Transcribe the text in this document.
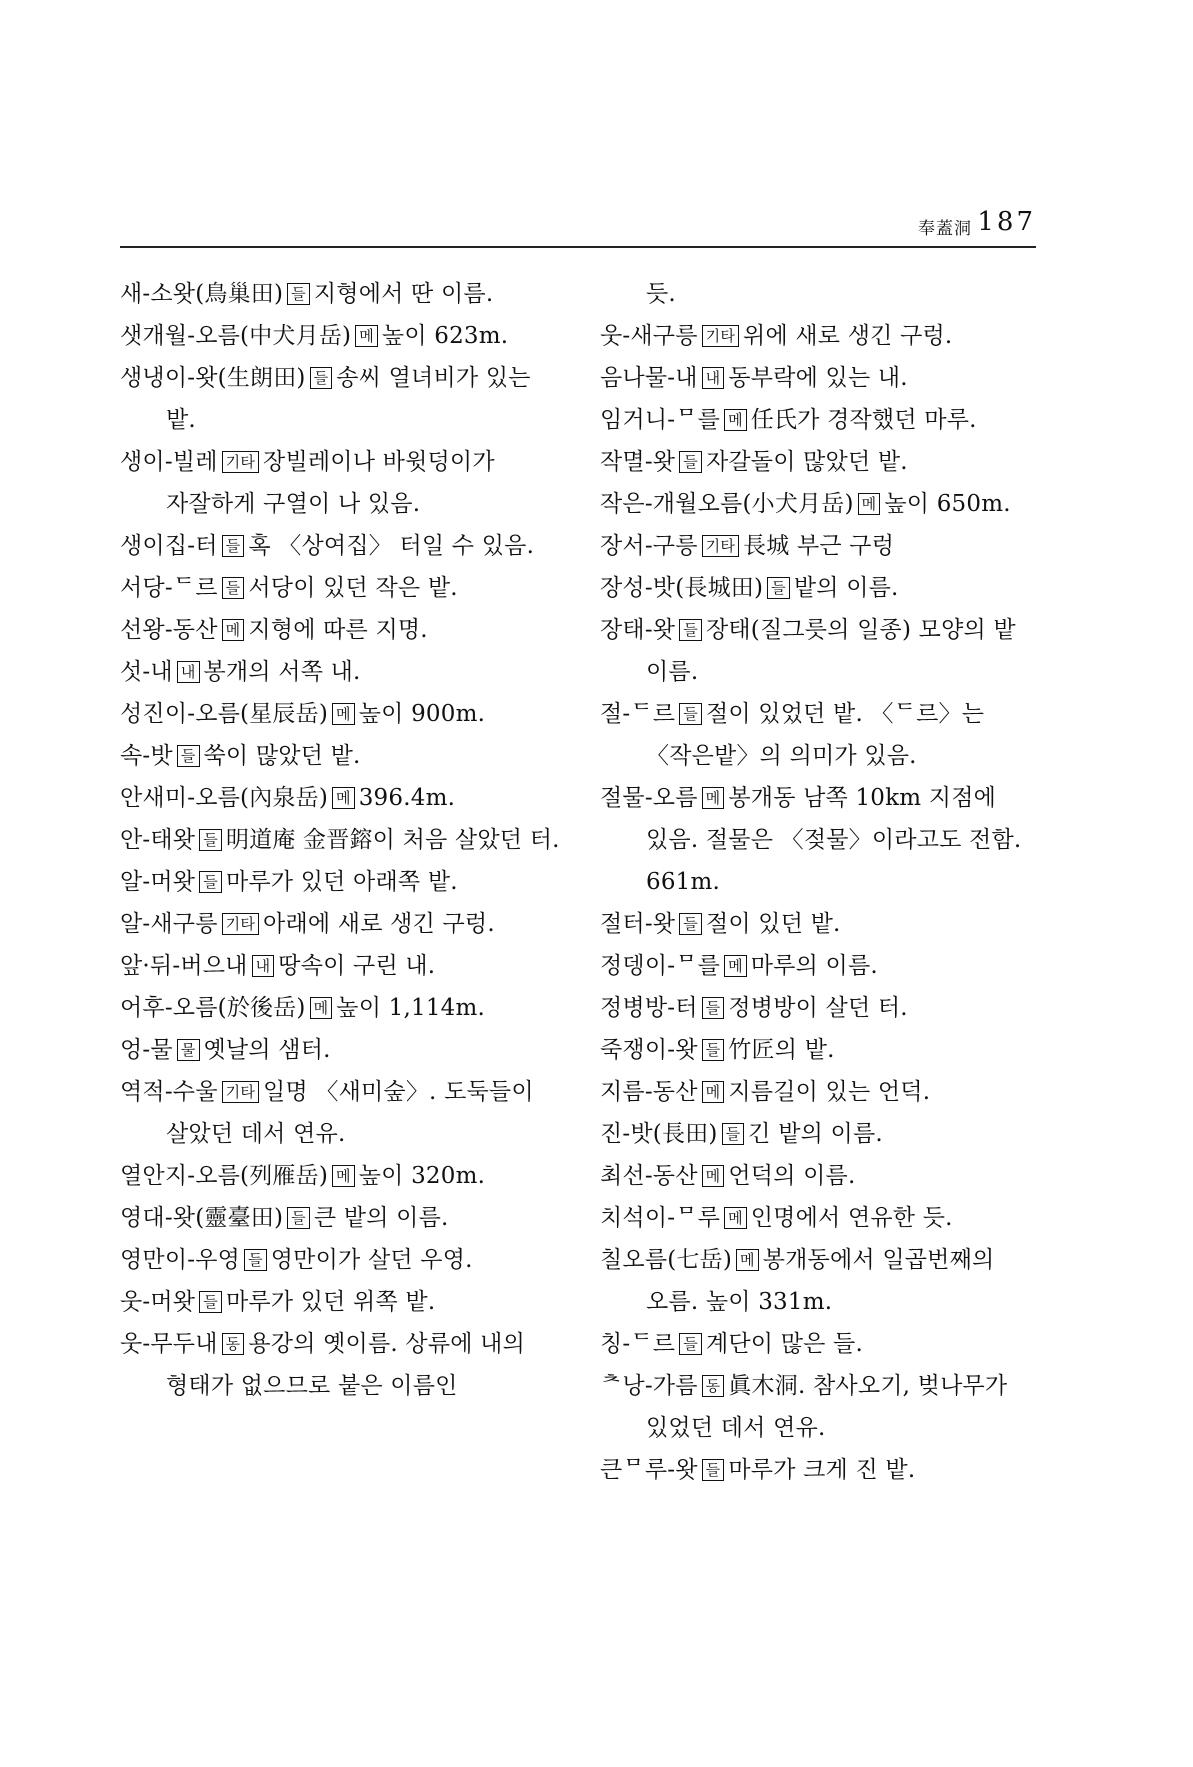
奉蓋洞 187
새-소왓(鳥巢田) 들 지형에서 딴 이름.
샛개월-오름(中犬月岳) 메 높이 623m.
생냉이-왓(生朗田) 들 송씨 열녀비가 있는 밭.
생이-빌레 기타 장빌레이나 바윗덩이가 자잘하게 구열이 나 있음.
생이집-터 들 혹 〈상여집〉 터일 수 있음.
서당-ᄃ르 들 서당이 있던 작은 밭.
선왕-동산 메 지형에 따른 지명.
섯-내 내 봉개의 서쪽 내.
성진이-오름(星辰岳) 메 높이 900m.
속-밧 들 쑥이 많았던 밭.
안새미-오름(內泉岳) 메 396.4m.
안-태왓 들 明道庵 金晋鎔이 처음 살았던 터.
알-머왓 들 마루가 있던 아래쪽 밭.
알-새구릉 기타 아래에 새로 생긴 구렁.
앞·뒤-버으내 내 땅속이 구린 내.
어후-오름(於後岳) 메 높이 1,114m.
엉-물 물 옛날의 샘터.
역적-수울 기타 일명 〈새미숲〉. 도둑들이 살았던 데서 연유.
열안지-오름(列雁岳) 메 높이 320m.
영대-왓(靈臺田) 들 큰 밭의 이름.
영만이-우영 들 영만이가 살던 우영.
웃-머왓 들 마루가 있던 위쪽 밭.
웃-무두내 동 용강의 옛이름. 상류에 내의 형태가 없으므로 붙은 이름인
듯.
웃-새구릉 기타 위에 새로 생긴 구렁.
음나물-내 내 동부락에 있는 내.
임거니-ᄆ를 메 任氏가 경작했던 마루.
작멸-왓 들 자갈돌이 많았던 밭.
작은-개월오름(小犬月岳) 메 높이 650m.
장서-구릉 기타 長城 부근 구렁
장성-밧(長城田) 들 밭의 이름.
장태-왓 들 장태(질그릇의 일종) 모양의 밭 이름.
절-ᄃ르 들 절이 있었던 밭. 〈ᄃ르〉는 〈작은밭〉의 의미가 있음.
절물-오름 메 봉개동 남쪽 10km 지점에 있음. 절물은 〈젖물〉이라고도 전함. 661m.
절터-왓 들 절이 있던 밭.
정뎅이-ᄆ를 메 마루의 이름.
정병방-터 들 정병방이 살던 터.
죽쟁이-왓 들 竹匠의 밭.
지름-동산 메 지름길이 있는 언덕.
진-밧(長田) 들 긴 밭의 이름.
최선-동산 메 언덕의 이름.
치석이-ᄆ루 메 인명에서 연유한 듯.
칠오름(七岳) 메 봉개동에서 일곱번째의 오름. 높이 331m.
칭-ᄃ르 들 계단이 많은 들.
ᄎ낭-가름 동 眞木洞. 참사오기, 벚나무가 있었던 데서 연유.
큰ᄆ루-왓 들 마루가 크게 진 밭.
